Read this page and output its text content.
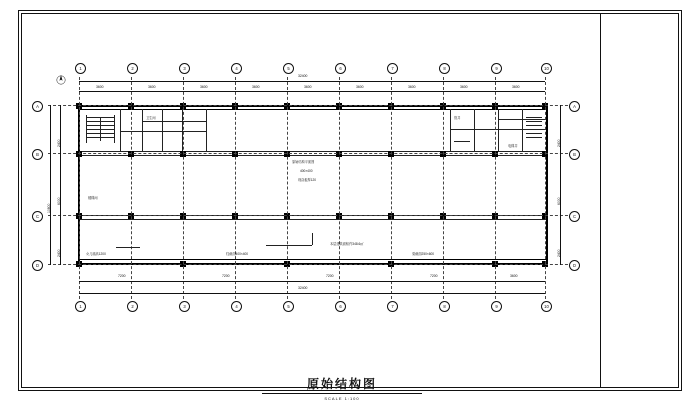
3600	3600	3600	3600	3600	3600	3600	3600	3600
32400
1	2	3	4	5	6	7	8	9	10
7200	7200	7200	7200	3600
32400
1	2	3	4	5	6	7	8	9	10
2400
6000
2400
10800
A
B
C
D
A
B
C
D
2400
6000
2400
原始结构平面图
400×400
现浇板厚120
楼梯间
电梯井
管井
卫生间
本层建筑面积约348.6㎡
柱截面400×400	梁截面250×600
女儿墙高1200
原始结构图
SCALE 1:100
